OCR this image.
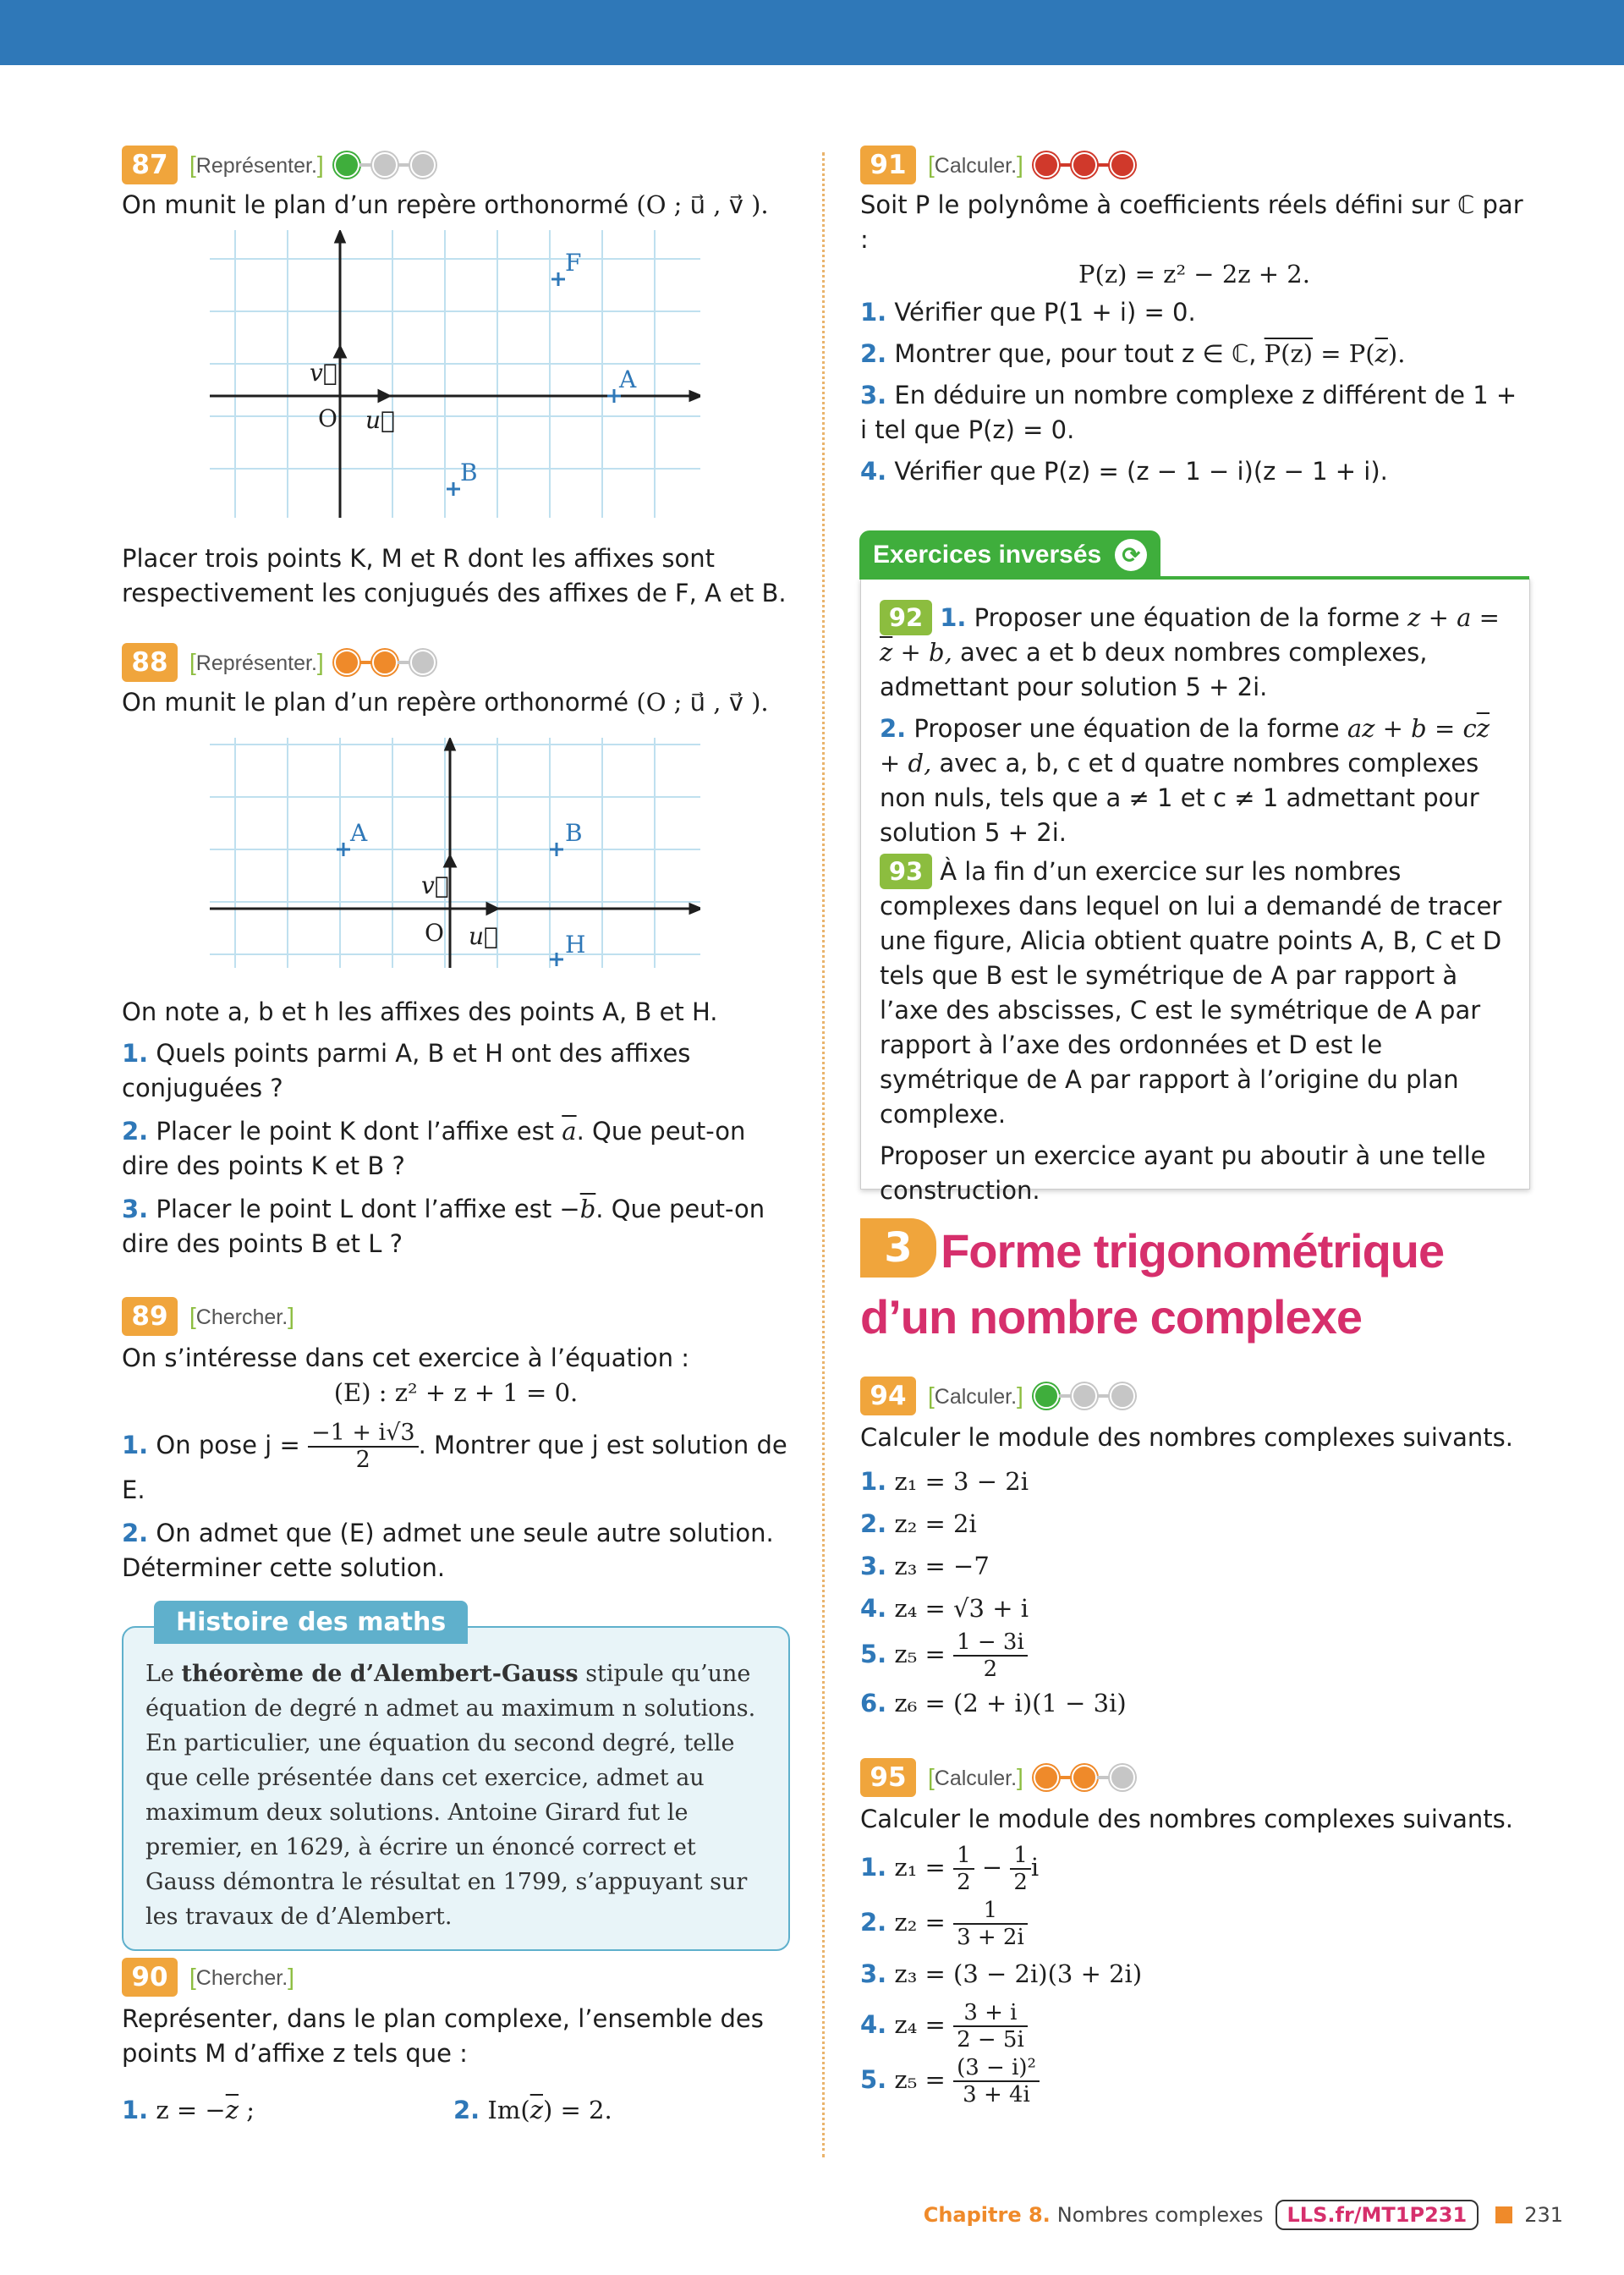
87 [Représenter.]

On munit le plan d’un repère orthonormé (O ; u⃗ , v⃗ ).

F
A
B
O u⃗
v⃗

Placer trois points K, M et R dont les affixes sont respectivement les conjugués des affixes de F, A et B.

88 [Représenter.]

On munit le plan d’un repère orthonormé (O ; u⃗ , v⃗ ).

A	B
H
O u⃗
v⃗

On note a, b et h les affixes des points A, B et H.

1. Quels points parmi A, B et H ont des affixes conjuguées ?

2. Placer le point K dont l’affixe est $\overline{a}$. Que peut-on dire des points K et B ?

3. Placer le point L dont l’affixe est $-\overline{b}$. Que peut-on dire des points B et L ?

89 [Chercher.]

On s’intéresse dans cet exercice à l’équation :

(E) : z² + z + 1 = 0.

1. On pose $j = \frac{-1 + i√3}{2}$ . Montrer que j est solution de E.

2. On admet que (E) admet une seule autre solution. Déterminer cette solution.

Histoire des maths
Le théorème de d’Alembert-Gauss stipule qu’une équation de degré n admet au maximum n solutions. En particulier, une équation du second degré, telle que celle présentée dans cet exercice, admet au maximum deux solutions. Antoine Girard fut le premier, en 1629, à écrire un énoncé correct et Gauss démontra le résultat en 1799, s’appuyant sur les travaux de d’Alembert.
90 [Chercher.]

Représenter, dans le plan complexe, l’ensemble des points M d’affixe z tels que :

1. $z = -\overline{z}$ ;	2. $Im(\overline{z}) = 2$.

91 [Calculer.]

Soit P le polynôme à coefficients réels défini sur ℂ par :

P(z) = z² − 2z + 2.

1. Vérifier que P(1 + i) = 0.

2. Montrer que, pour tout z ∈ ℂ, $P(z) = P(\overline{z})$.

3. En déduire un nombre complexe z différent de 1 + i tel que P(z) = 0.

4. Vérifier que P(z) = (z − 1 − i)(z − 1 + i).

Exercices inversés ⟳

92 1. Proposer une équation de la forme $z + a = \overline{z} + b$, avec a et b deux nombres complexes, admettant pour solution 5 + 2i.

2. Proposer une équation de la forme az + $b = c\overline{z} + d$, avec a, b, c et d quatre nombres complexes non nuls, tels que a ≠ 1 et c ≠ 1 admettant pour solution 5 + 2i.

93 À la fin d’un exercice sur les nombres complexes dans lequel on lui a demandé de tracer une figure, Alicia obtient quatre points A, B, C et D tels que B est le symétrique de A par rapport à l’axe des abscisses, C est le symétrique de A par rapport à l’axe des ordonnées et D est le symétrique de A par rapport à l’origine du plan complexe.

Proposer un exercice ayant pu aboutir à une telle construction.

3 Forme trigonométrique d’un nombre complexe
94 [Calculer.]

Calculer le module des nombres complexes suivants.

1. z₁ = 3 − 2i

2. z₂ = 2i

3. z₃ = −7

4. z₄ = √3 + i

5. $z_5 = \frac{1 - 3i}{2}$

6. z₆ = (2 + i)(1 − 3i)

95 [Calculer.]

Calculer le module des nombres complexes suivants.

1. $z_1 = \frac{1}{2} - \frac{1}{2}$ i

2. $z_2 = \frac{1}{3 + 2i}$

3. z₃ = (3 − 2i)(3 + 2i)

4. $z_4 = \frac{3 + i}{2 - 5i}$

5. $z_5 = \frac{\text{(3 − i)²}}{3 + 4i}$

Chapitre 8. Nombres complexes	LLS.fr/MT1P231	231
